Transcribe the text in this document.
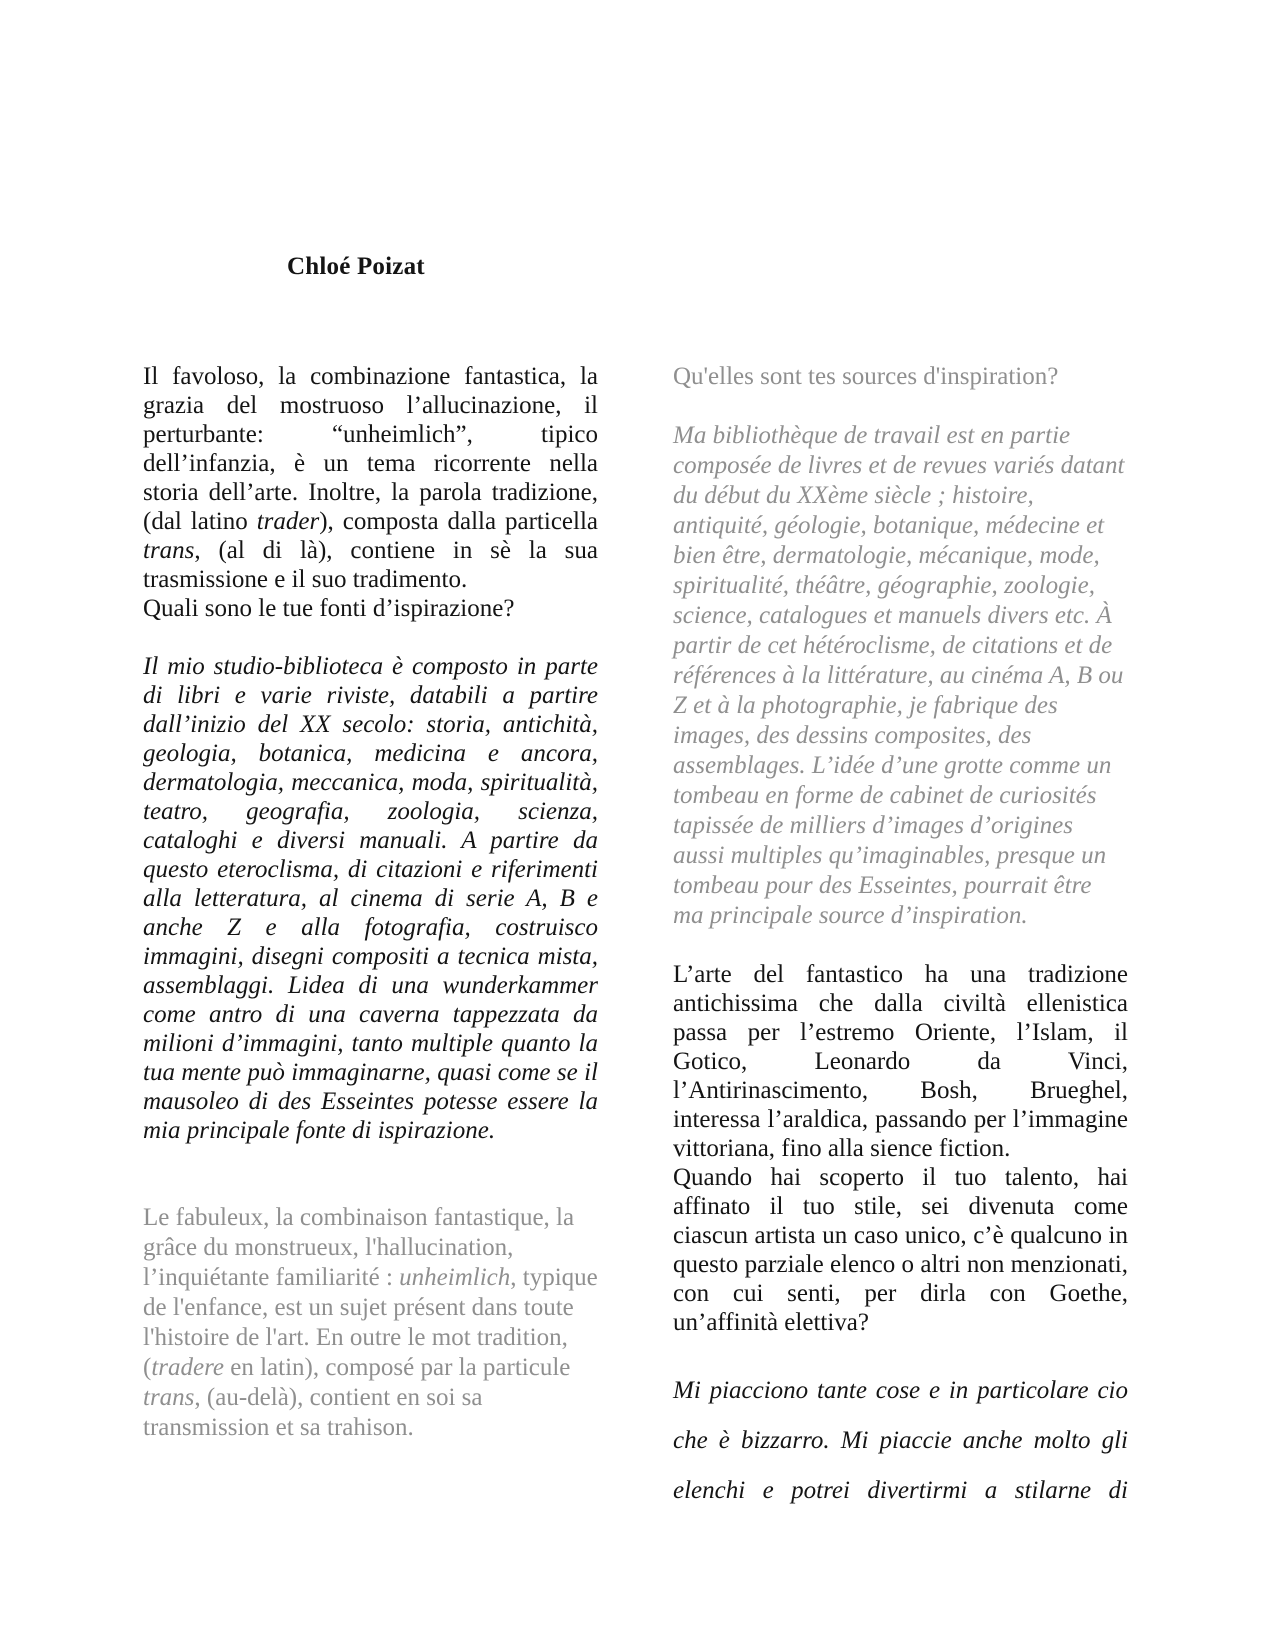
Chloé Poizat

Il favoloso, la combinazione fantastica, la grazia del mostruoso l’allucinazione, il perturbante: “unheimlich”, tipico dell’infanzia, è un tema ricorrente nella storia dell’arte. Inoltre, la parola tradizione, (dal latino trader), composta dalla particella trans, (al di là), contiene in sè la sua trasmissione e il suo tradimento.

Quali sono le tue fonti d’ispirazione?

Il mio studio-biblioteca è composto in parte di libri e varie riviste, databili a partire dall’inizio del XX secolo: storia, antichità, geologia, botanica, medicina e ancora, dermatologia, meccanica, moda, spiritualità, teatro, geografia, zoologia, scienza, cataloghi e diversi manuali. A partire da questo eteroclisma, di citazioni e riferimenti alla letteratura, al cinema di serie A, B e anche Z e alla fotografia, costruisco immagini, disegni compositi a tecnica mista, assemblaggi. Lidea di una wunderkammer come antro di una caverna tappezzata da milioni d’immagini, tanto multiple quanto la tua mente può immaginarne, quasi come se il mausoleo di des Esseintes potesse essere la mia principale fonte di ispirazione.

Le fabuleux, la combinaison fantastique, la grâce du monstrueux, l'hallucination, l’inquiétante familiarité : unheimlich, typique de l'enfance, est un sujet présent dans toute l'histoire de l'art. En outre le mot tradition, (tradere en latin), composé par la particule trans, (au-delà), contient en soi sa transmission et sa trahison.

Qu'elles sont tes sources d'inspiration?

Ma bibliothèque de travail est en partie composée de livres et de revues variés datant du début du XXème siècle ; histoire, antiquité, géologie, botanique, médecine et bien être, dermatologie, mécanique, mode, spiritualité, théâtre, géographie, zoologie, science, catalogues et manuels divers etc. À partir de cet hétéroclisme, de citations et de références à la littérature, au cinéma A, B ou Z et à la photographie, je fabrique des images, des dessins composites, des assemblages. L’idée d’une grotte comme un tombeau en forme de cabinet de curiosités tapissée de milliers d’images d’origines aussi multiples qu’imaginables, presque un tombeau pour des Esseintes, pourrait être ma principale source d’inspiration.

L’arte del fantastico ha una tradizione antichissima che dalla civiltà ellenistica passa per l’estremo Oriente, l’Islam, il Gotico, Leonardo da Vinci, l’Antirinascimento, Bosh, Brueghel, interessa l’araldica, passando per l’immagine vittoriana, fino alla sience fiction.

Quando hai scoperto il tuo talento, hai affinato il tuo stile, sei divenuta come ciascun artista un caso unico, c’è qualcuno in questo parziale elenco o altri non menzionati, con cui senti, per dirla con Goethe, un’affinità elettiva?

Mi piacciono tante cose e in particolare cio che è bizzarro. Mi piaccie anche molto gli elenchi e potrei divertirmi a stilarne di
